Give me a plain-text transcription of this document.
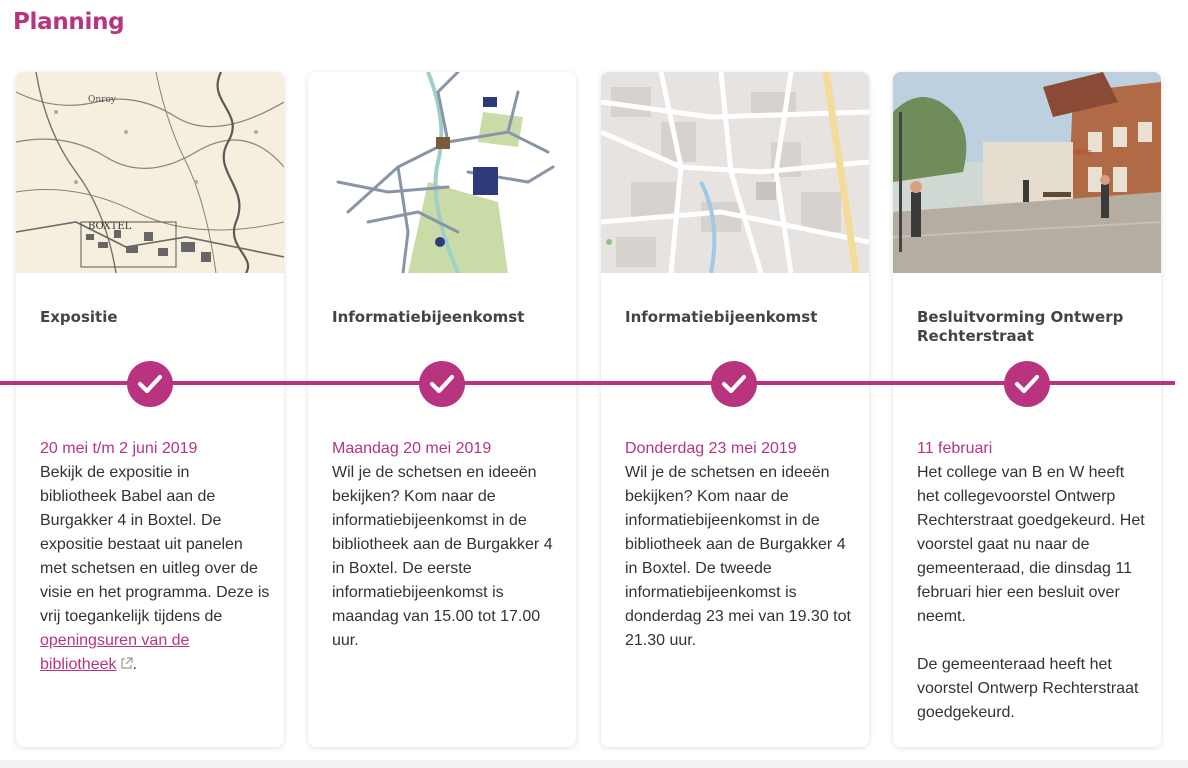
Planning
Onroy
BOXTEL
Expositie
20 mei t/m 2 juni 2019
Bekijk de expositie in bibliotheek Babel aan de Burgakker 4 in Boxtel. De expositie bestaat uit panelen met schetsen en uitleg over de visie en het programma. Deze is vrij toegankelijk tijdens de openingsuren van de bibliotheek .
Informatiebijeenkomst
Maandag 20 mei 2019
Wil je de schetsen en ideeën bekijken? Kom naar de informatiebijeenkomst in de bibliotheek aan de Burgakker 4 in Boxtel. De eerste informatiebijeenkomst is maandag van 15.00 tot 17.00 uur.
Informatiebijeenkomst
Donderdag 23 mei 2019
Wil je de schetsen en ideeën bekijken? Kom naar de informatiebijeenkomst in de bibliotheek aan de Burgakker 4 in Boxtel. De tweede informatiebijeenkomst is donderdag 23 mei van 19.30 tot 21.30 uur.
Ghan
Besluitvorming Ontwerp Rechterstraat
11 februari

Het college van B en W heeft het collegevoorstel Ontwerp Rechterstraat goedgekeurd. Het voorstel gaat nu naar de gemeenteraad, die dinsdag 11 februari hier een besluit over neemt.

De gemeenteraad heeft het voorstel Ontwerp Rechterstraat goedgekeurd.
